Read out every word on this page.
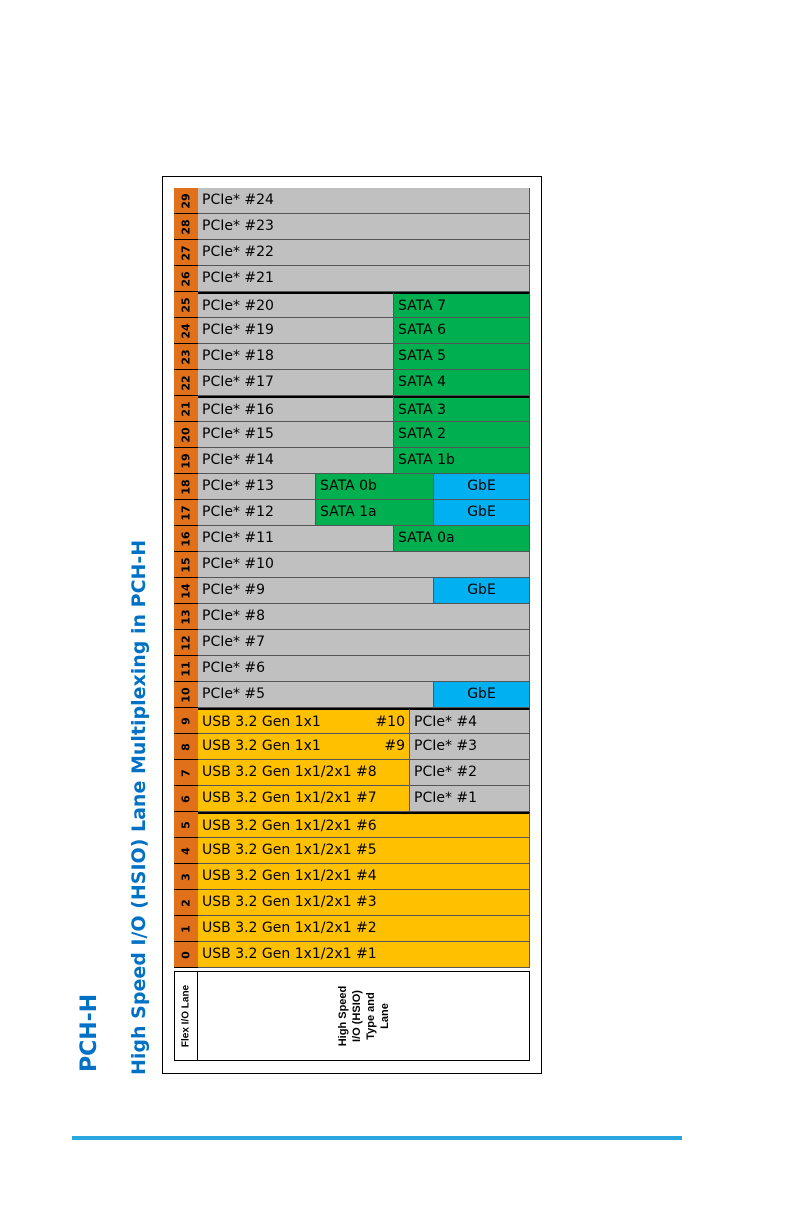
PCH-H High Speed I/O (HSIO) Lane Multiplexing in PCH-H	Flex I/O Lane	High Speed
I/O (HSIO)
Type and
Lane
29 PCIe* #24
28 PCIe* #23
27 PCIe* #22
26 PCIe* #21
25 PCIe* #20	SATA 7
24 PCIe* #19	SATA 6
23 PCIe* #18	SATA 5
22 PCIe* #17	SATA 4
21 PCIe* #16	SATA 3
20 PCIe* #15	SATA 2
19 PCIe* #14	SATA 1b
18 PCIe* #13	SATA 0b	GbE
17 PCIe* #12	SATA 1a	GbE
16 PCIe* #11	SATA 0a
15 PCIe* #10
14 PCIe* #9	GbE
13 PCIe* #8
12 PCIe* #7
11 PCIe* #6
10 PCIe* #5	GbE
9 USB 3.2 Gen 1x1	#10 PCIe* #4
8 USB 3.2 Gen 1x1	#9 PCIe* #3
7 USB 3.2 Gen 1x1/2x1 #8	PCIe* #2
6 USB 3.2 Gen 1x1/2x1 #7	PCIe* #1
5 USB 3.2 Gen 1x1/2x1 #6
4 USB 3.2 Gen 1x1/2x1 #5
3 USB 3.2 Gen 1x1/2x1 #4
2 USB 3.2 Gen 1x1/2x1 #3
1 USB 3.2 Gen 1x1/2x1 #2
0 USB 3.2 Gen 1x1/2x1 #1
